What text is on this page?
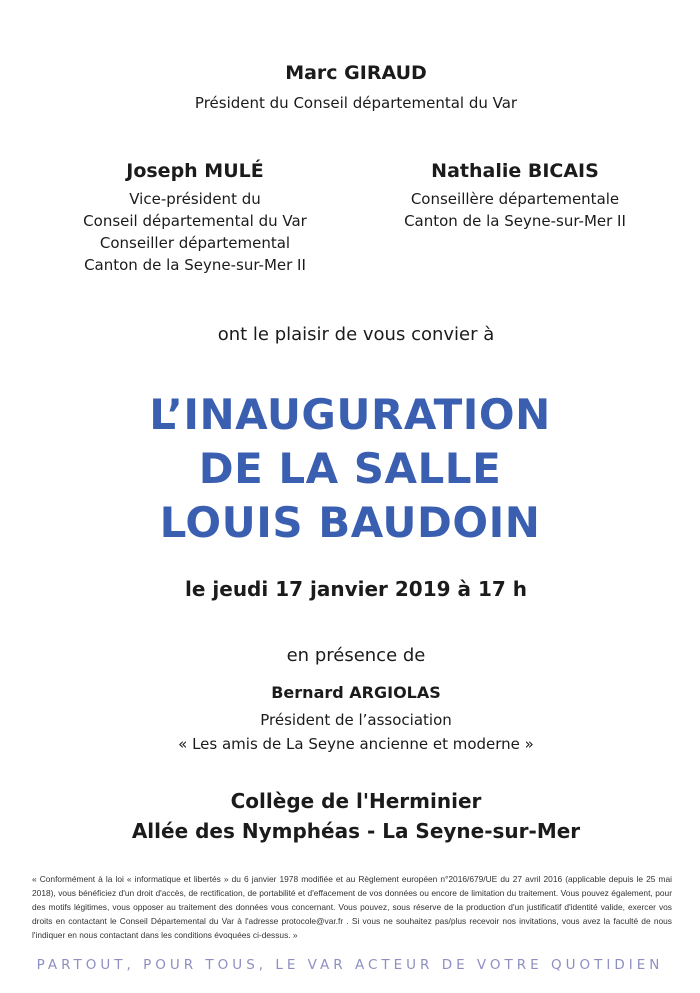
Marc GIRAUD
Président du Conseil départemental du Var
Joseph MULÉ
Vice-président du
Conseil départemental du Var
Conseiller départemental
Canton de la Seyne-sur-Mer II
Nathalie BICAIS
Conseillère départementale
Canton de la Seyne-sur-Mer II
ont le plaisir de vous convier à
L’INAUGURATION
DE LA SALLE
LOUIS BAUDOIN
le jeudi 17 janvier 2019 à 17 h
en présence de
Bernard ARGIOLAS
Président de l’association
« Les amis de La Seyne ancienne et moderne »
Collège de l'Herminier
Allée des Nymphéas - La Seyne-sur-Mer
« Conformément à la loi « informatique et libertés » du 6 janvier 1978 modifiée et au Règlement européen n°2016/679/UE du 27 avril 2016 (applicable depuis le 25 mai 2018), vous bénéficiez d'un droit d'accès, de rectification, de portabilité et d'effacement de vos données ou encore de limitation du traitement. Vous pouvez également, pour des motifs légitimes, vous opposer au traitement des données vous concernant. Vous pouvez, sous réserve de la production d'un justificatif d'identité valide, exercer vos droits en contactant le Conseil Départemental du Var à l'adresse protocole@var.fr . Si vous ne souhaitez pas/plus recevoir nos invitations, vous avez la faculté de nous l'indiquer en nous contactant dans les conditions évoquées ci-dessus. »
PARTOUT, POUR TOUS, LE VAR ACTEUR DE VOTRE QUOTIDIEN
